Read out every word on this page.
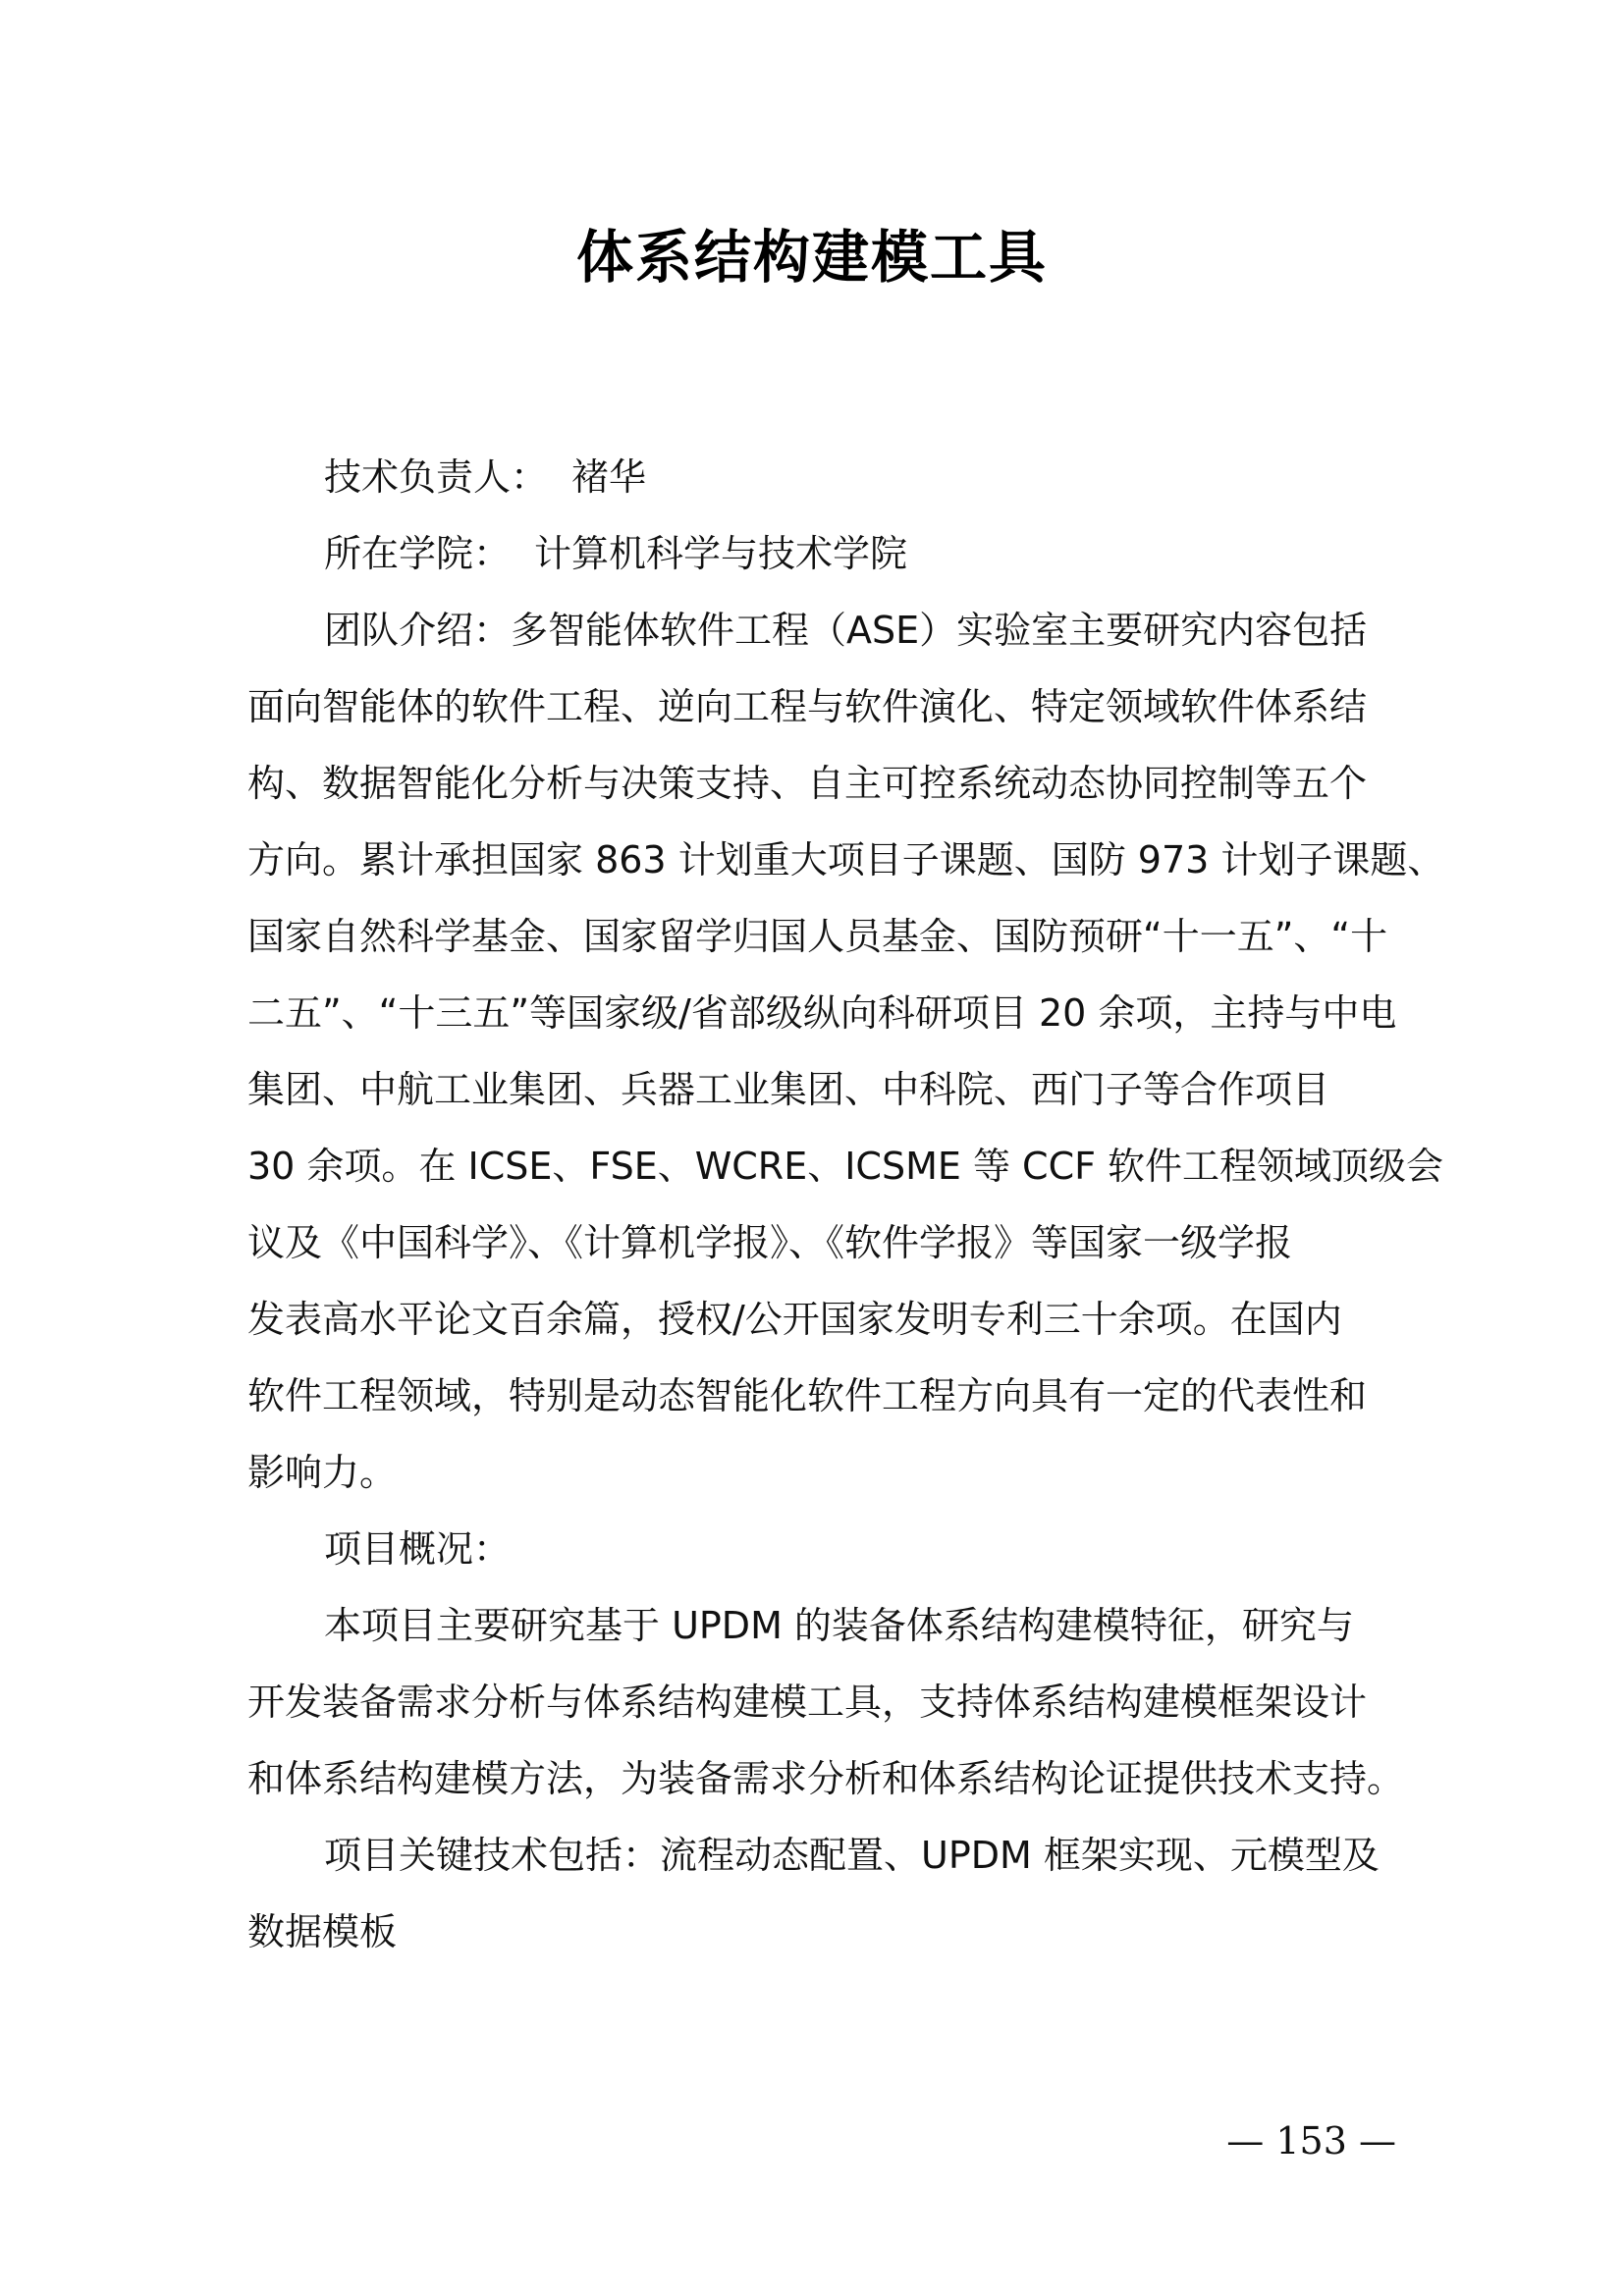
体系结构建模工具

技术负责人： 褚华

所在学院： 计算机科学与技术学院

团队介绍：多智能体软件工程（ASE）实验室主要研究内容包括

面向智能体的软件工程、逆向工程与软件演化、特定领域软件体系结

构、数据智能化分析与决策支持、自主可控系统动态协同控制等五个

方向。累计承担国家 863 计划重大项目子课题、国防 973 计划子课题、

国家自然科学基金、国家留学归国人员基金、国防预研“十一五”、“十

二五”、“十三五”等国家级/省部级纵向科研项目 20 余项，主持与中电

集团、中航工业集团、兵器工业集团、中科院、西门子等合作项目

30 余项。在 ICSE、FSE、WCRE、ICSME 等 CCF 软件工程领域顶级会

议及《中国科学》、《计算机学报》、《软件学报》等国家一级学报

发表高水平论文百余篇，授权/公开国家发明专利三十余项。在国内

软件工程领域，特别是动态智能化软件工程方向具有一定的代表性和

影响力。

项目概况：

本项目主要研究基于 UPDM 的装备体系结构建模特征，研究与

开发装备需求分析与体系结构建模工具，支持体系结构建模框架设计

和体系结构建模方法，为装备需求分析和体系结构论证提供技术支持。

项目关键技术包括：流程动态配置、UPDM 框架实现、元模型及

数据模板

— 153 —
